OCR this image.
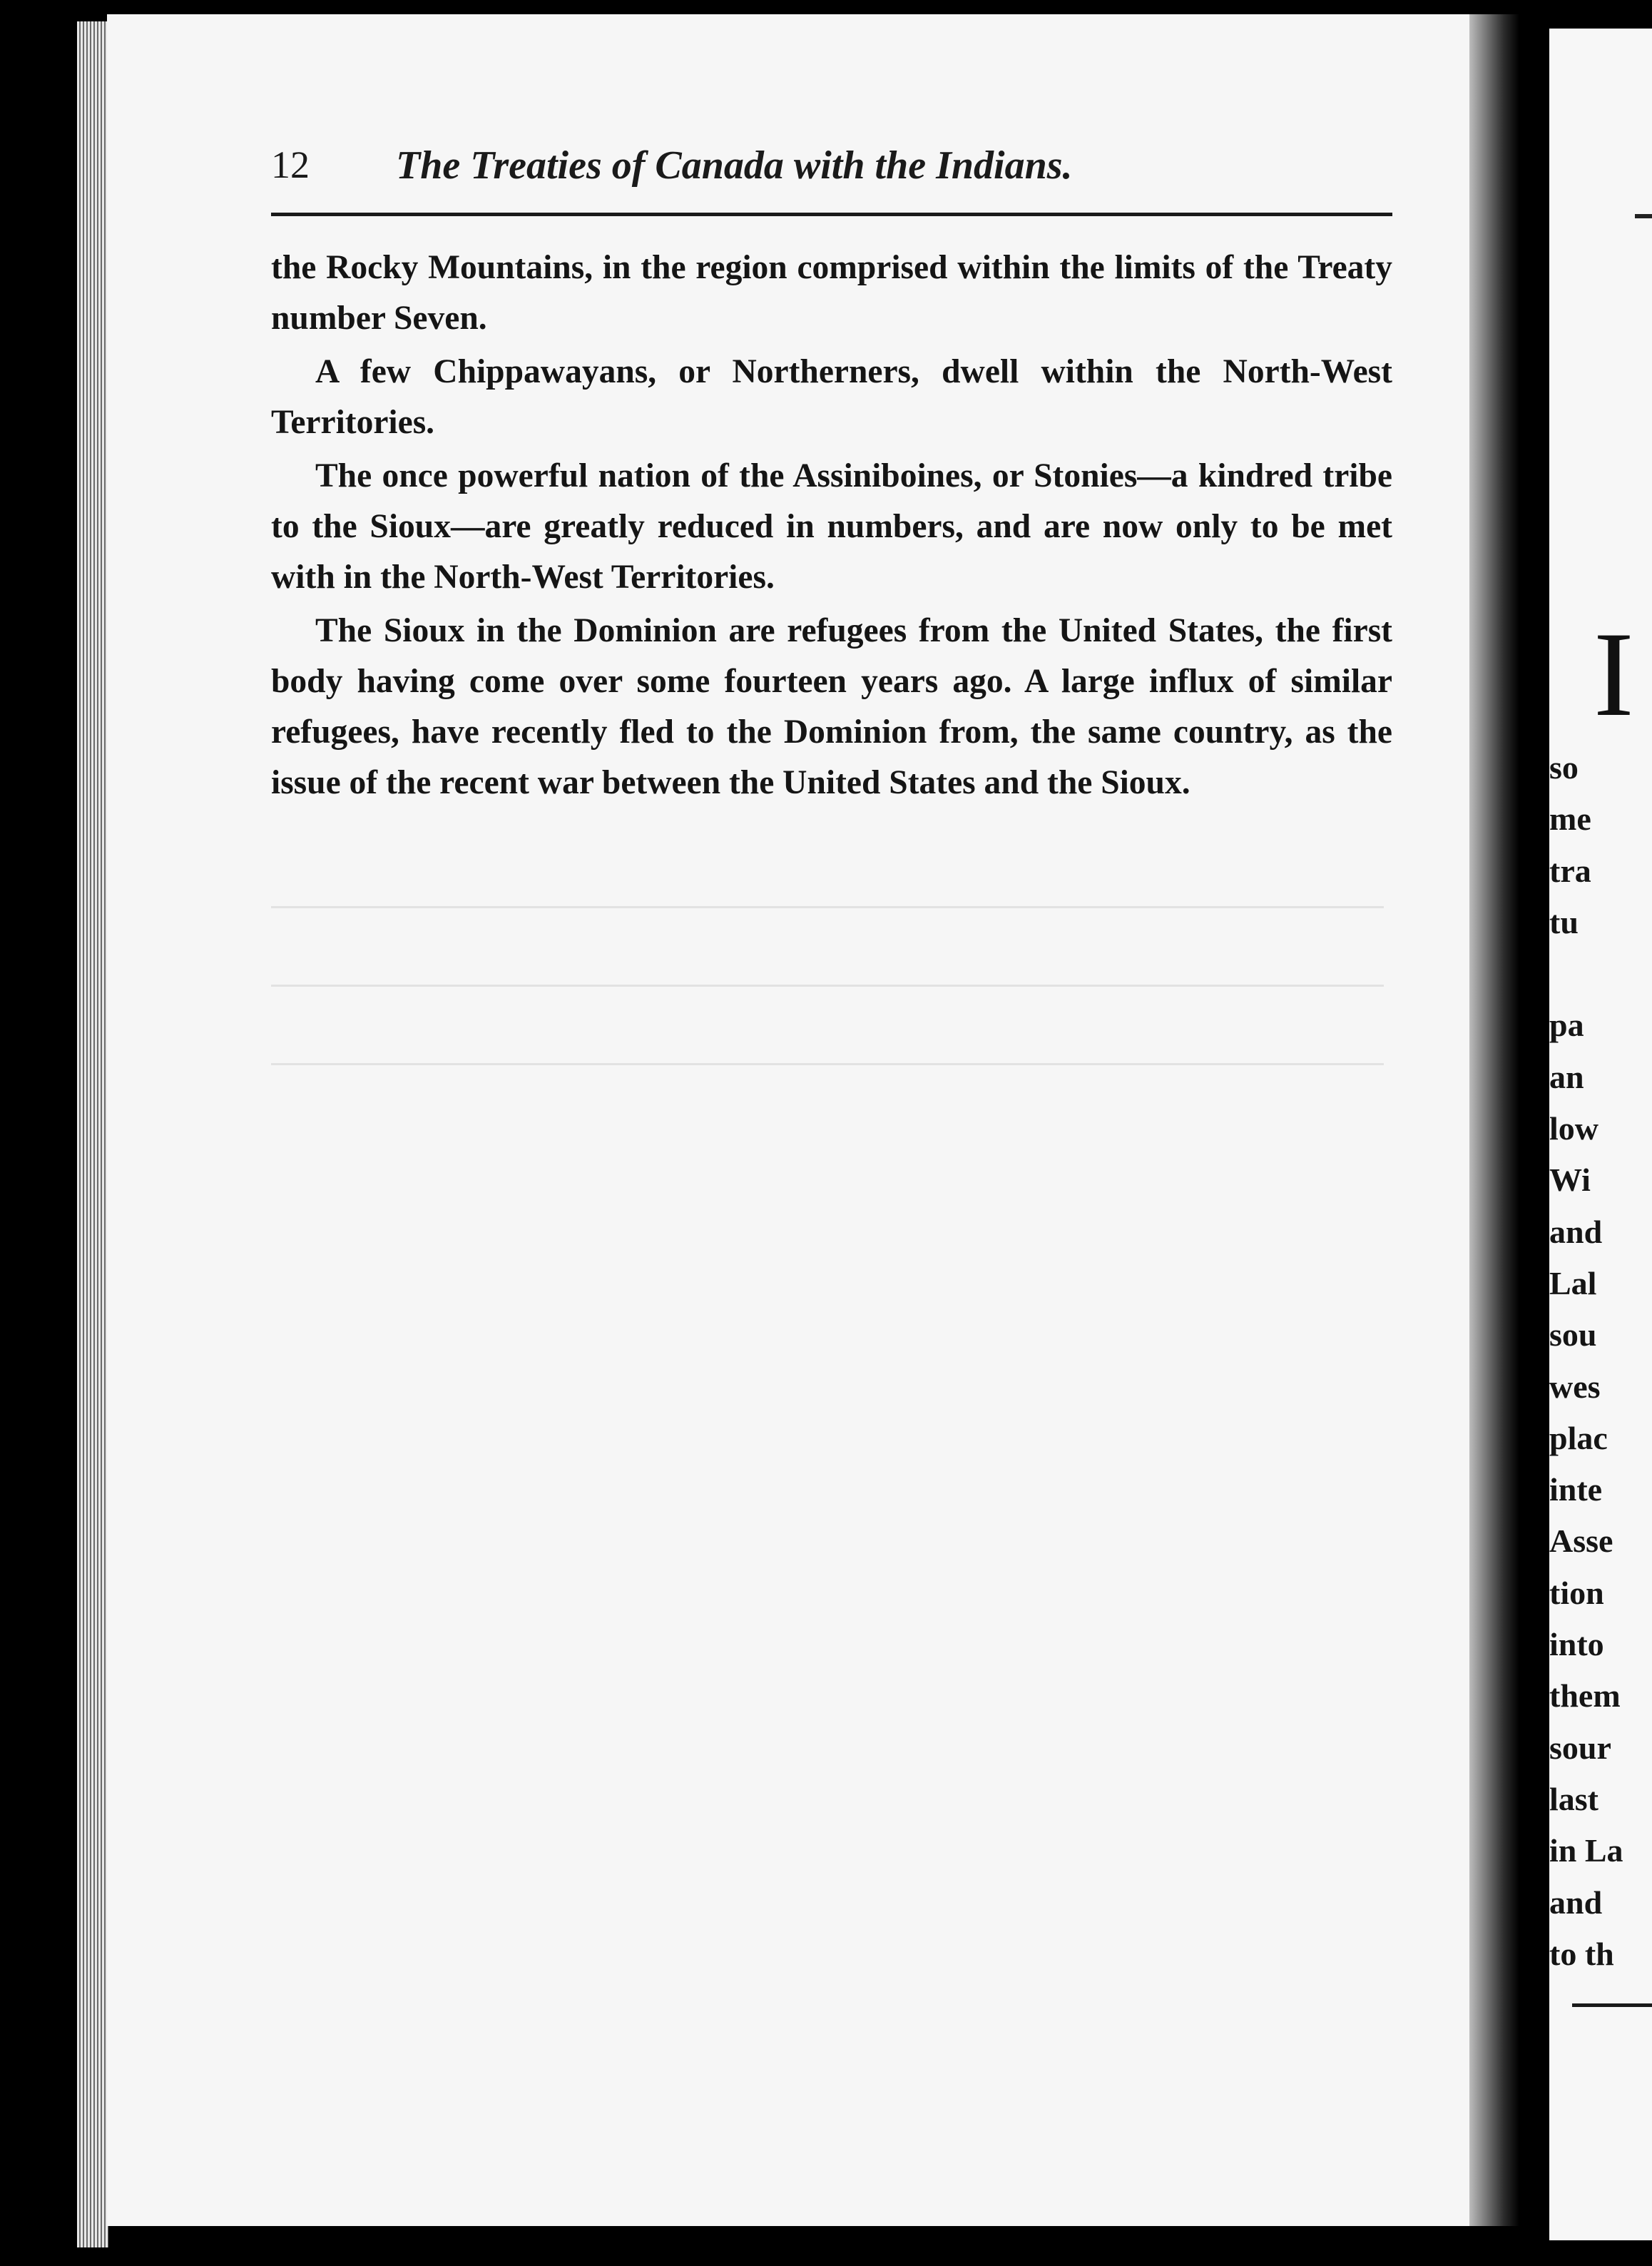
12 The Treaties of Canada with the Indians.

the Rocky Mountains, in the region comprised within the limits of the Treaty number Seven.

A few Chippawayans, or Northerners, dwell within the North-West Territories.

The once powerful nation of the Assiniboines, or Stonies—a kindred tribe to the Sioux—are greatly reduced in numbers, and are now only to be met with in the North-West Territories.

The Sioux in the Dominion are refugees from the United States, the first body having come over some fourteen years ago. A large influx of similar refugees, have recently fled to the Dominion from, the same country, as the issue of the recent war between the United States and the Sioux.

I
so
me
tra
tu
pa
an
low
Wi
and
Lal
sou
wes
plac
inte
Asse
tion
into
them
sour
last
in La
and
to th
